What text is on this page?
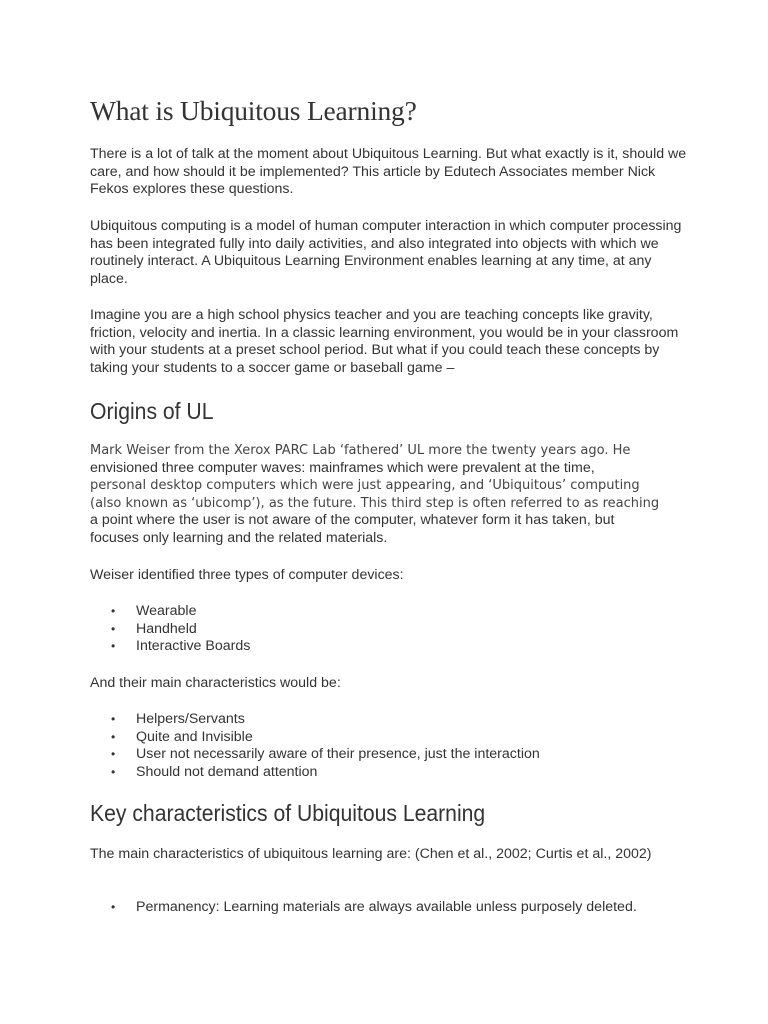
What is Ubiquitous Learning?

There is a lot of talk at the moment about Ubiquitous Learning. But what exactly is it, should we care, and how should it be implemented? This article by Edutech Associates member Nick Fekos explores these questions.

Ubiquitous computing is a model of human computer interaction in which computer processing has been integrated fully into daily activities, and also integrated into objects with which we routinely interact. A Ubiquitous Learning Environment enables learning at any time, at any place.

Imagine you are a high school physics teacher and you are teaching concepts like gravity, friction, velocity and inertia. In a classic learning environment, you would be in your classroom with your students at a preset school period. But what if you could teach these concepts by taking your students to a soccer game or baseball game –

Origins of UL

Mark Weiser from the Xerox PARC Lab ‘fathered’ UL more the twenty years ago. He
envisioned three computer waves: mainframes which were prevalent at the time,
personal desktop computers which were just appearing, and ‘Ubiquitous’ computing
(also known as ‘ubicomp’), as the future. This third step is often referred to as reaching
a point where the user is not aware of the computer, whatever form it has taken, but
focuses only learning and the related materials.

Weiser identified three types of computer devices:

• Wearable
• Handheld
• Interactive Boards

And their main characteristics would be:

• Helpers/Servants
• Quite and Invisible
• User not necessarily aware of their presence, just the interaction
• Should not demand attention
Key characteristics of Ubiquitous Learning

The main characteristics of ubiquitous learning are: (Chen et al., 2002; Curtis et al., 2002)

• Permanency: Learning materials are always available unless purposely deleted.
